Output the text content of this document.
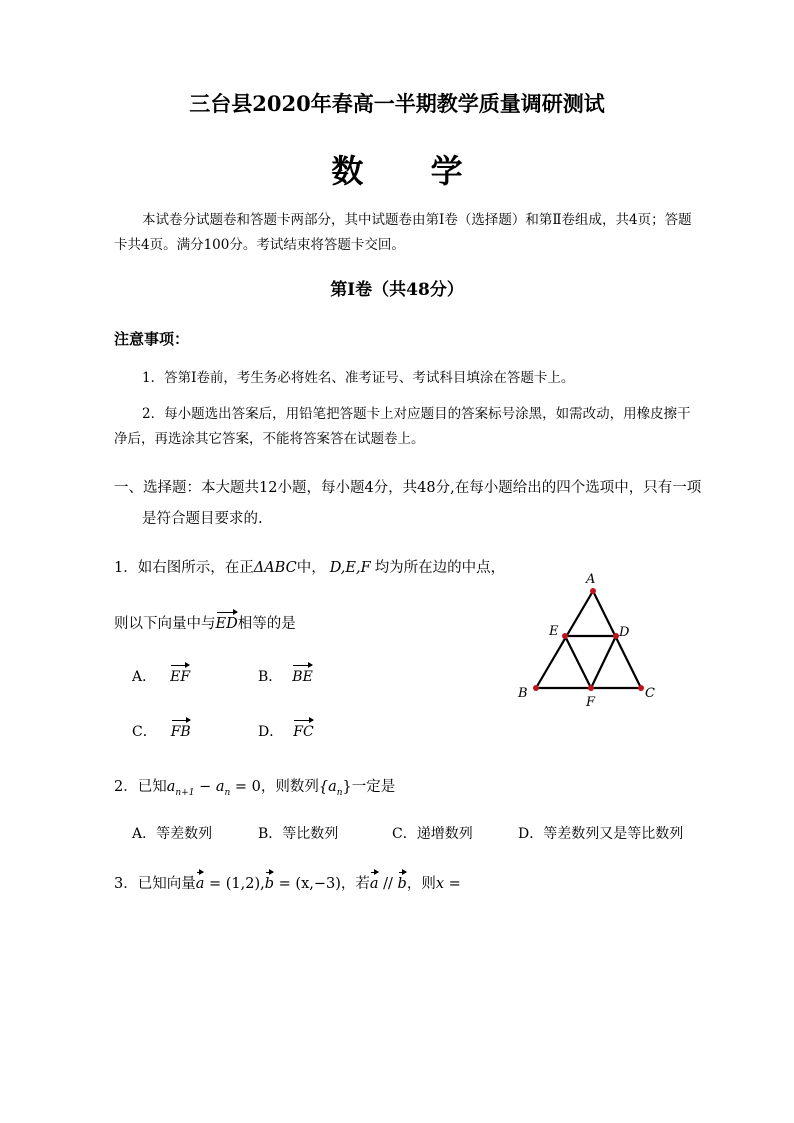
三台县2020年春高一半期教学质量调研测试
数 学
本试卷分试题卷和答题卡两部分，其中试题卷由第Ⅰ卷（选择题）和第Ⅱ卷组成，共4页；答题卡共4页。满分100分。考试结束将答题卡交回。
第Ⅰ卷（共48分）
注意事项：
1．答第Ⅰ卷前，考生务必将姓名、准考证号、考试科目填涂在答题卡上。
2．每小题选出答案后，用铅笔把答题卡上对应题目的答案标号涂黑，如需改动，用橡皮擦干净后，再选涂其它答案，不能将答案答在试题卷上。
一、选择题：本大题共12小题，每小题4分，共48分,在每小题给出的四个选项中，只有一项
是符合题目要求的.
1．如右图所示，在正ΔABC中， D,E,F 均为所在边的中点，
则以下向量中与ED相等的是
A． EF	B． BE
C． FB	D． FC
A
B	C
D
E
F
2．已知$a_{n+1} - a_n = 0$，则数列$\{a_n\}$一定是
A．等差数列	B．等比数列	C．递增数列	D．等差数列又是等比数列
3．已知向量a = (1,2),b = (x,−3)，若a // b，则x =
